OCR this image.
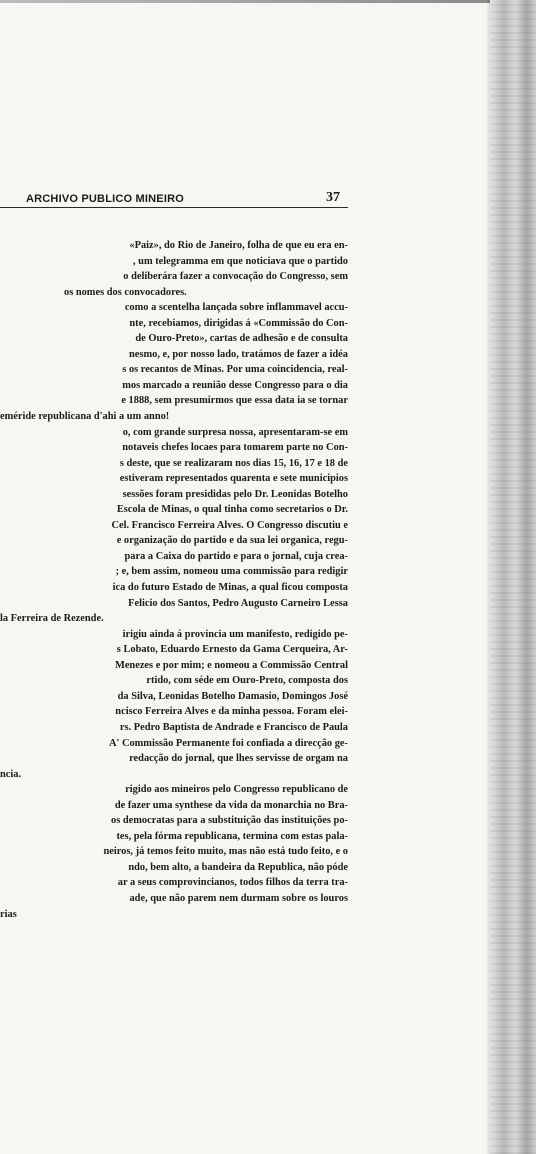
ARCHIVO PUBLICO MINEIRO	37
«Paiz», do Rio de Janeiro, folha de que eu era en-
, um telegramma em que noticiava que o partido
o deliberára fazer a convocação do Congresso, sem
os nomes dos convocadores.
como a scentelha lançada sobre inflammavel accu-
nte, recebiamos, dirigidas á «Commissão do Con-
de Ouro-Preto», cartas de adhesão e de consulta
nesmo, e, por nosso lado, tratámos de fazer a idéa
s os recantos de Minas. Por uma coincidencia, real-
mos marcado a reunião desse Congresso para o dia
e 1888, sem presumirmos que essa data ia se tornar
eméride republicana d'ahi a um anno!
o, com grande surpresa nossa, apresentaram-se em
notaveis chefes locaes para tomarem parte no Con-
s deste, que se realizaram nos dias 15, 16, 17 e 18 de
estiveram representados quarenta e sete municipios
sessões foram presididas pelo Dr. Leonidas Botelho
Escola de Minas, o qual tinha como secretarios o Dr.
Cel. Francisco Ferreira Alves. O Congresso discutiu e
e organização do partido e da sua lei organica, regu-
para a Caixa do partido e para o jornal, cuja crea-
; e, bem assim, nomeou uma commissão para redigir
ica do futuro Estado de Minas, a qual ficou composta
Felicio dos Santos, Pedro Augusto Carneiro Lessa
la Ferreira de Rezende.
irigiu ainda á provincia um manifesto, redigido pe-
s Lobato, Eduardo Ernesto da Gama Cerqueira, Ar-
Menezes e por mim; e nomeou a Commissão Central
rtido, com séde em Ouro-Preto, composta dos
da Silva, Leonidas Botelho Damasio, Domingos José
ncisco Ferreira Alves e da minha pessoa. Foram elei-
rs. Pedro Baptista de Andrade e Francisco de Paula
A' Commissão Permanente foi confiada a direcção ge-
redacção do jornal, que lhes servisse de orgam na
ncia.
rigido aos mineiros pelo Congresso republicano de
de fazer uma synthese da vida da monarchia no Bra-
os democratas para a substituição das instituições po-
tes, pela fórma republicana, termina com estas pala-
neiros, já temos feito muito, mas não está tudo feito, e o
ndo, bem alto, a bandeira da Republica, não póde
ar a seus comprovincianos, todos filhos da terra tra-
ade, que não parem nem durmam sobre os louros
rias
